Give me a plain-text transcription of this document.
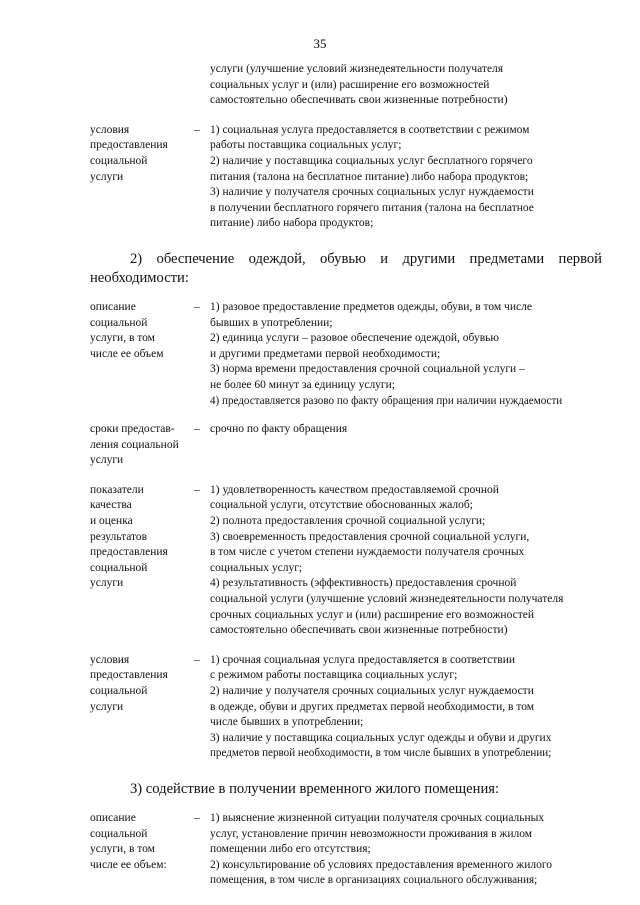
35
услуги (улучшение условий жизнедеятельности получателя
социальных услуг и (или) расширение его возможностей
самостоятельно обеспечивать свои жизненные потребности)
условия
предоставления
социальной
услуги
– 1) социальная услуга предоставляется в соответствии с режимом
работы поставщика социальных услуг;
2) наличие у поставщика социальных услуг бесплатного горячего
питания (талона на бесплатное питание) либо набора продуктов;
3) наличие у получателя срочных социальных услуг нуждаемости
в получении бесплатного горячего питания (талона на бесплатное
питание) либо набора продуктов;
2) обеспечение одеждой, обувью и другими предметами первой
необходимости:
описание
социальной
услуги, в том
числе ее объем
– 1) разовое предоставление предметов одежды, обуви, в том числе
бывших в употреблении;
2) единица услуги – разовое обеспечение одеждой, обувью
и другими предметами первой необходимости;
3) норма времени предоставления срочной социальной услуги –
не более 60 минут за единицу услуги;
4) предоставляется разово по факту обращения при наличии нуждаемости
сроки предостав-
ления социальной
услуги
– срочно по факту обращения
показатели
качества
и оценка
результатов
предоставления
социальной
услуги
– 1) удовлетворенность качеством предоставляемой срочной
социальной услуги, отсутствие обоснованных жалоб;
2) полнота предоставления срочной социальной услуги;
3) своевременность предоставления срочной социальной услуги,
в том числе с учетом степени нуждаемости получателя срочных
социальных услуг;
4) результативность (эффективность) предоставления срочной
социальной услуги (улучшение условий жизнедеятельности получателя
срочных социальных услуг и (или) расширение его возможностей
самостоятельно обеспечивать свои жизненные потребности)
условия
предоставления
социальной
услуги
– 1) срочная социальная услуга предоставляется в соответствии
с режимом работы поставщика социальных услуг;
2) наличие у получателя срочных социальных услуг нуждаемости
в одежде, обуви и других предметах первой необходимости, в том
числе бывших в употреблении;
3) наличие у поставщика социальных услуг одежды и обуви и других
предметов первой необходимости, в том числе бывших в употреблении;
3) содействие в получении временного жилого помещения:
описание
социальной
услуги, в том
числе ее объем:
– 1) выяснение жизненной ситуации получателя срочных социальных
услуг, установление причин невозможности проживания в жилом
помещении либо его отсутствия;
2) консультирование об условиях предоставления временного жилого
помещения, в том числе в организациях социального обслуживания;
